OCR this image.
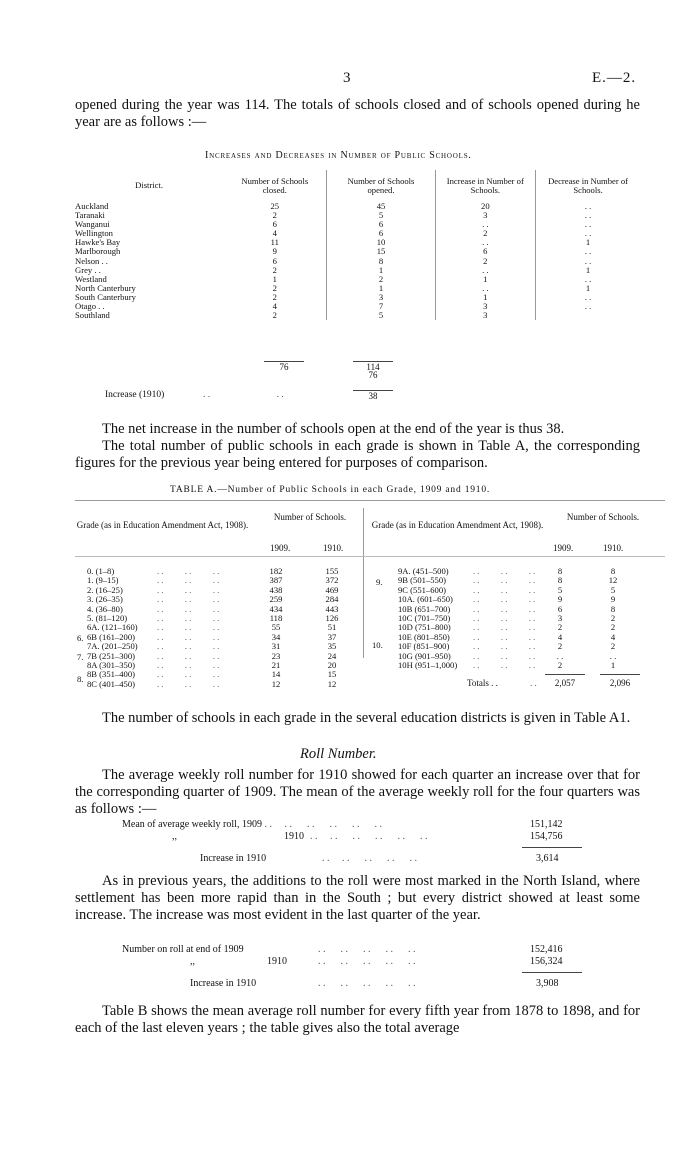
3	E.—2.
opened during the year was 114. The totals of schools closed and of schools opened during he year are as follows :—
Increases and Decreases in Number of Public Schools.
District.	Number of Schools closed.	Number of Schools opened.	Increase in Number of Schools.	Decrease in Number of Schools.
Auckland	25	45	20	. .
Taranaki	2	5	3	. .
Wanganui	6	6	. .	. .
Wellington	4	6	2	. .
Hawke's Bay	11	10	. .	1
Marlborough	9	15	6	. .
Nelson . .	6	8	2	. .
Grey . .	2	1	. .	1
Westland	1	2	1	. .
North Canterbury	2	1	. .	1
South Canterbury	2	3	1	. .
Otago . .	4	7	3	. .
Southland	2	5	3	
76	114
76
Increase (1910)	. .                            . .	38
The net increase in the number of schools open at the end of the year is thus 38.
The total number of public schools in each grade is shown in Table A, the corresponding figures for the previous year being entered for purposes of comparison.
TABLE A.—Number of Public Schools in each Grade, 1909 and 1910.
Grade (as in Education Amendment Act, 1908).
Number of Schools.
1909.	1910.
Grade (as in Education Amendment Act, 1908).
Number of Schools.
1909.	1910.
0. (1–8)	. .          . .          . .	182	155
1. (9–15)	. .          . .          . .	387	372
2. (16–25)	. .          . .          . .	438	469
3. (26–35)	. .          . .          . .	259	284
4. (36–80)	. .          . .          . .	434	443
5. (81–120)	. .          . .          . .	118	126
6A. (121–160) . .          . .          . .	55	51
6B (161–200)	. .          . .          . .	34	37
7A. (201–250) . .          . .          . .	31	35
7B (251–300)	. .          . .          . .	23	24
8A (301–350)	. .          . .          . .	21	20
8B (351–400)	. .          . .          . .	14	15
8C (401–450)	. .          . .          . .	12	12
9A. (451–500)	. .          . .          . .	8	8
9B (501–550)	. .          . .          . .	8	12
9C (551–600)	. .          . .          . .	5	5
10A. (601–650) . .          . .          . .	9	9
10B (651–700)	. .          . .          . .	6	8
10C (701–750)	. .          . .          . .	3	2
10D (751–800)	. .          . .          . .	2	2
10E (801–850)	. .          . .          . .	4	4
10F (851–900)	. .          . .          . .	2	2
10G (901–950)	. .          . .          . .	. .	. .
10H (951–1,000) . .          . .          . .	2	1
6.
7.
8.
9.
10.
Totals . .	. .	2,057	2,096
The number of schools in each grade in the several education districts is given in Table A1.
Roll Number.
The average weekly roll number for 1910 showed for each quarter an increase over that for the corresponding quarter of 1909. The mean of the average weekly roll for the four quarters was as follows :—
Mean of average weekly roll, 1909 . .     . .      . .      . .      . .      . .	151,142
,,	1910 . .     . .      . .      . .      . .      . .	154,756
Increase in 1910	. .     . .      . .      . .      . .	3,614
As in previous years, the additions to the roll were most marked in the North Island, where settlement has been more rapid than in the South ; but every district showed at least some increase. The increase was most evident in the last quarter of the year.
Number on roll at end of 1909	. .      . .      . .      . .      . .	152,416
,,	1910	. .      . .      . .      . .      . .	156,324
Increase in 1910	. .      . .      . .      . .      . .	3,908
Table B shows the mean average roll number for every fifth year from 1878 to 1898, and for each of the last eleven years ; the table gives also the total average
